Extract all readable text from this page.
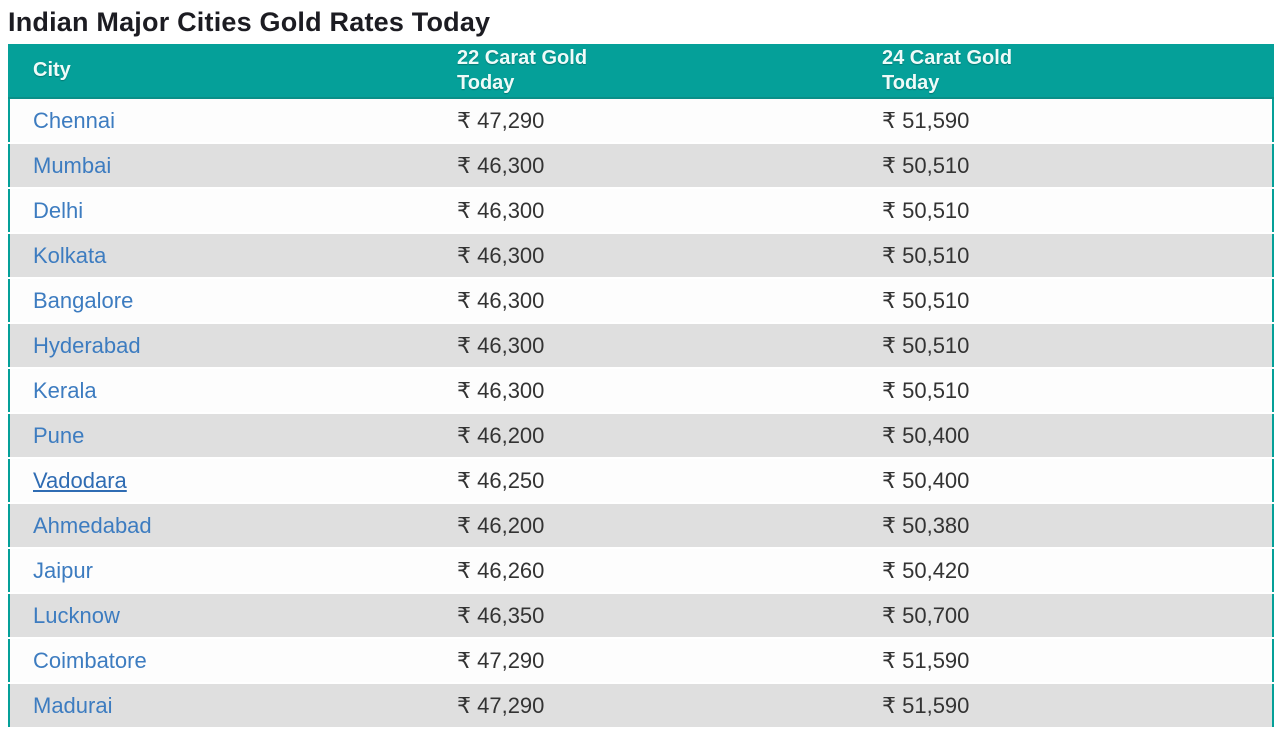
Indian Major Cities Gold Rates Today
City	22 Carat Gold Today	24 Carat Gold Today
Chennai	₹ 47,290	₹ 51,590
Mumbai	₹ 46,300	₹ 50,510
Delhi	₹ 46,300	₹ 50,510
Kolkata	₹ 46,300	₹ 50,510
Bangalore	₹ 46,300	₹ 50,510
Hyderabad	₹ 46,300	₹ 50,510
Kerala	₹ 46,300	₹ 50,510
Pune	₹ 46,200	₹ 50,400
Vadodara	₹ 46,250	₹ 50,400
Ahmedabad	₹ 46,200	₹ 50,380
Jaipur	₹ 46,260	₹ 50,420
Lucknow	₹ 46,350	₹ 50,700
Coimbatore	₹ 47,290	₹ 51,590
Madurai	₹ 47,290	₹ 51,590
